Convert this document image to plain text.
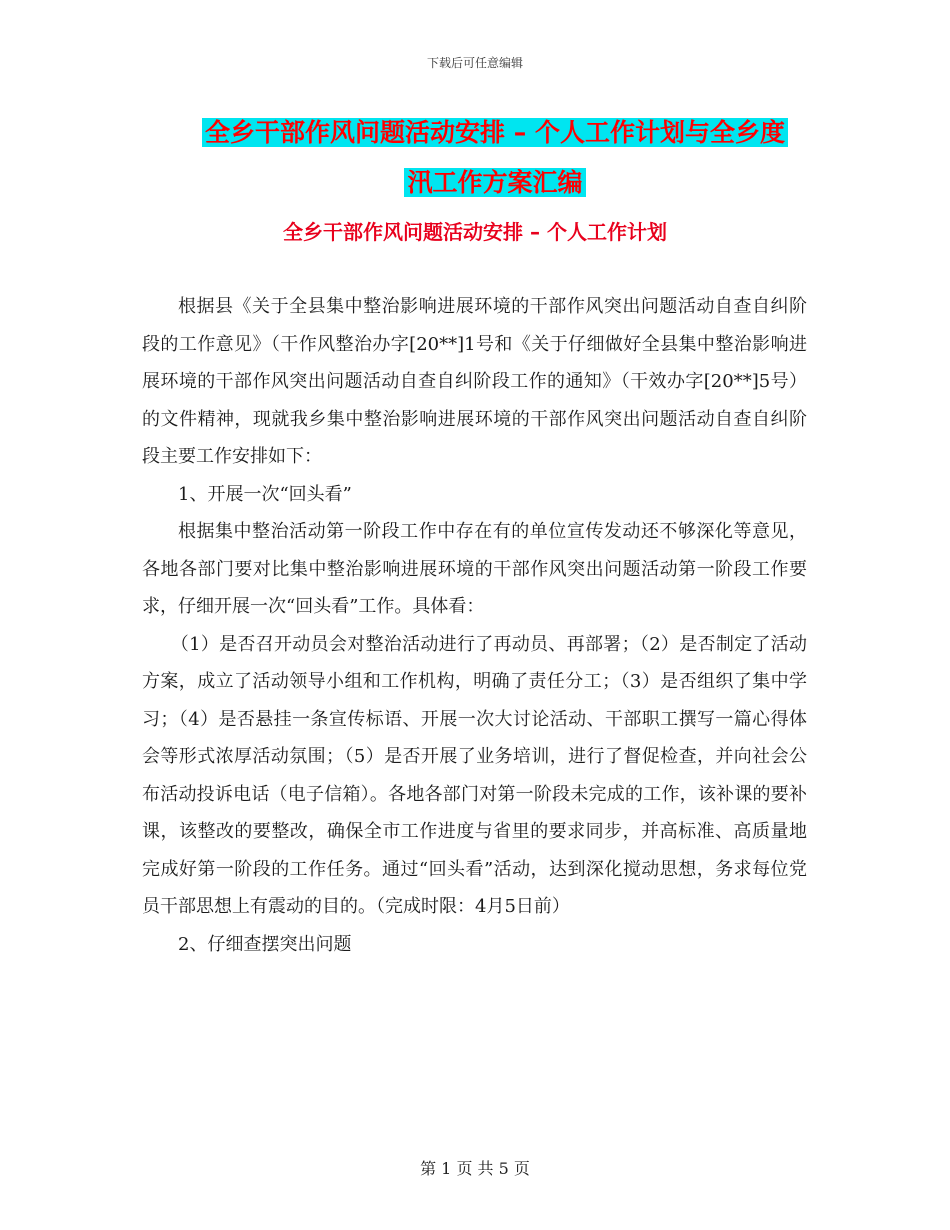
下载后可任意编辑
全乡干部作风问题活动安排 – 个人工作计划与全乡度
汛工作方案汇编
全乡干部作风问题活动安排 – 个人工作计划

根据县《关于全县集中整治影响进展环境的干部作风突出问题活动自查自纠阶段的工作意见》（干作风整治办字[20**]1号和《关于仔细做好全县集中整治影响进展环境的干部作风突出问题活动自查自纠阶段工作的通知》（干效办字[20**]5号）的文件精神，现就我乡集中整治影响进展环境的干部作风突出问题活动自查自纠阶段主要工作安排如下：

1、开展一次“回头看”

根据集中整治活动第一阶段工作中存在有的单位宣传发动还不够深化等意见，各地各部门要对比集中整治影响进展环境的干部作风突出问题活动第一阶段工作要求，仔细开展一次“回头看”工作。具体看：

（1）是否召开动员会对整治活动进行了再动员、再部署；（2）是否制定了活动方案，成立了活动领导小组和工作机构，明确了责任分工；（3）是否组织了集中学习；（4）是否悬挂一条宣传标语、开展一次大讨论活动、干部职工撰写一篇心得体会等形式浓厚活动氛围；（5）是否开展了业务培训，进行了督促检查，并向社会公布活动投诉电话（电子信箱）。各地各部门对第一阶段未完成的工作，该补课的要补课，该整改的要整改，确保全市工作进度与省里的要求同步，并高标准、高质量地完成好第一阶段的工作任务。通过“回头看”活动，达到深化搅动思想，务求每位党员干部思想上有震动的目的。（完成时限：4月5日前）

2、仔细查摆突出问题

第 1 页 共 5 页
